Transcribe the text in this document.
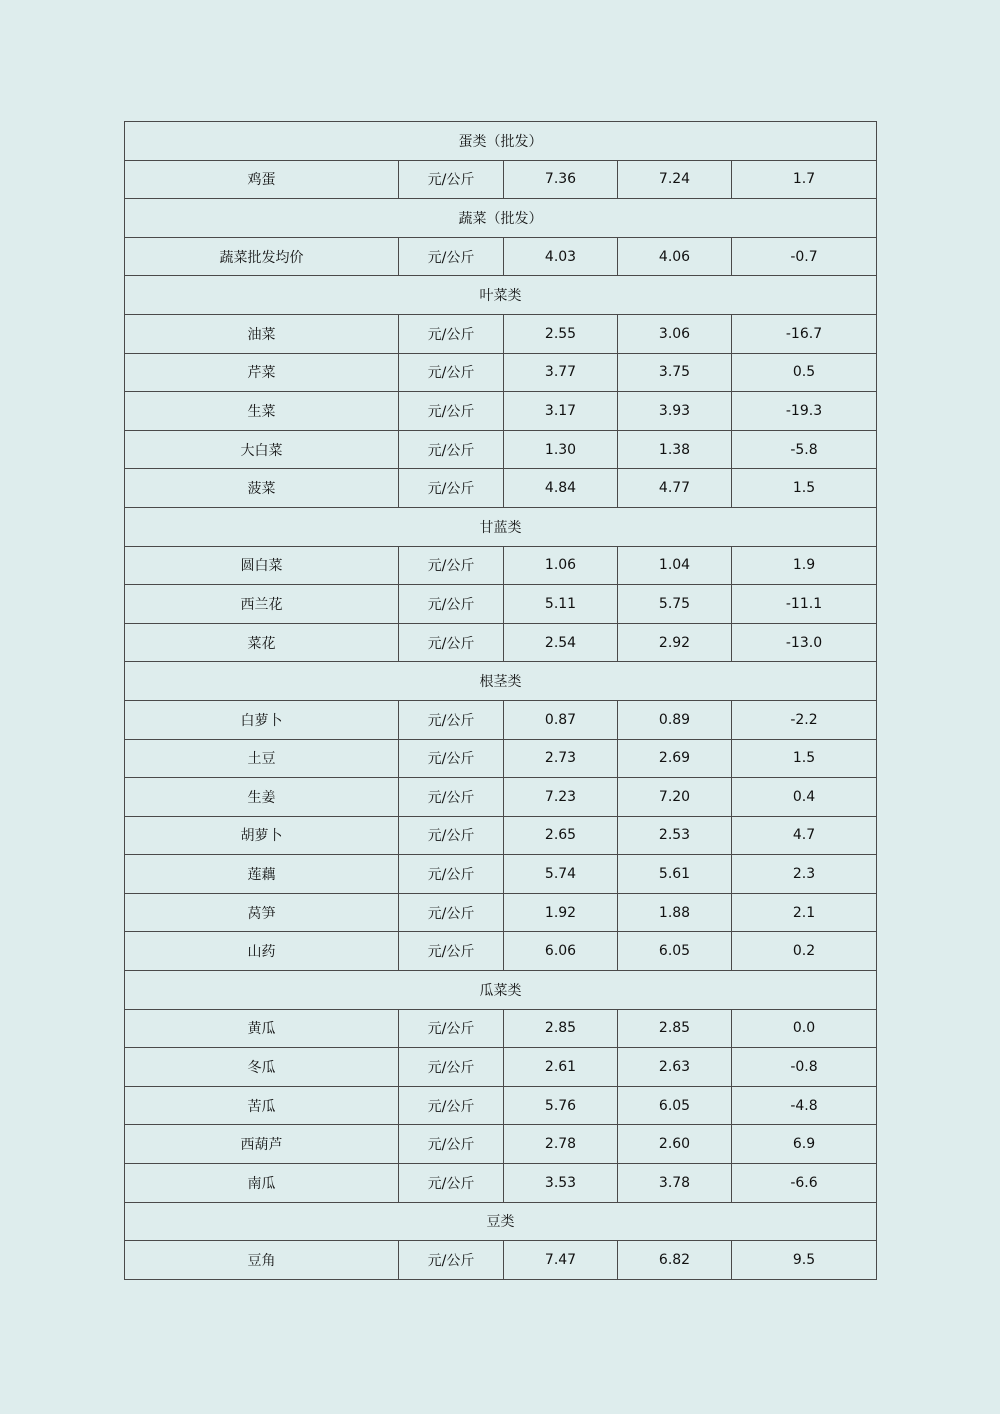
蛋类（批发）				
鸡蛋	元/公斤	7.36	7.24	1.7
蔬菜（批发）				
蔬菜批发均价	元/公斤	4.03	4.06	-0.7
叶菜类				
油菜	元/公斤	2.55	3.06	-16.7
芹菜	元/公斤	3.77	3.75	0.5
生菜	元/公斤	3.17	3.93	-19.3
大白菜	元/公斤	1.30	1.38	-5.8
菠菜	元/公斤	4.84	4.77	1.5
甘蓝类				
圆白菜	元/公斤	1.06	1.04	1.9
西兰花	元/公斤	5.11	5.75	-11.1
菜花	元/公斤	2.54	2.92	-13.0
根茎类				
白萝卜	元/公斤	0.87	0.89	-2.2
土豆	元/公斤	2.73	2.69	1.5
生姜	元/公斤	7.23	7.20	0.4
胡萝卜	元/公斤	2.65	2.53	4.7
莲藕	元/公斤	5.74	5.61	2.3
莴笋	元/公斤	1.92	1.88	2.1
山药	元/公斤	6.06	6.05	0.2
瓜菜类				
黄瓜	元/公斤	2.85	2.85	0.0
冬瓜	元/公斤	2.61	2.63	-0.8
苦瓜	元/公斤	5.76	6.05	-4.8
西葫芦	元/公斤	2.78	2.60	6.9
南瓜	元/公斤	3.53	3.78	-6.6
豆类				
豆角	元/公斤	7.47	6.82	9.5
